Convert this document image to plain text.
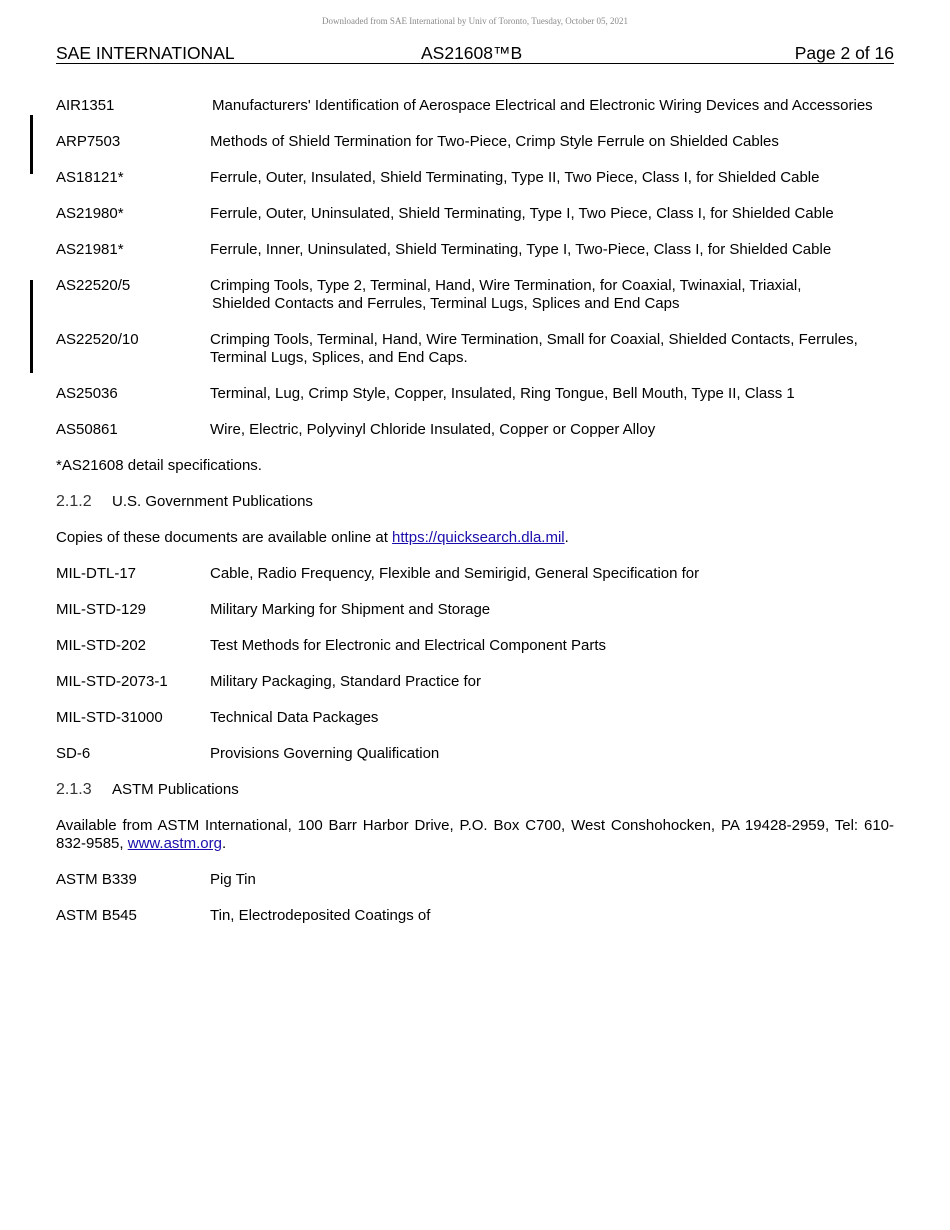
Downloaded from SAE International by Univ of Toronto, Tuesday, October 05, 2021
SAE INTERNATIONAL	AS21608™B	Page 2 of 16
AIR1351	Manufacturers' Identification of Aerospace Electrical and Electronic Wiring Devices and Accessories
ARP7503	Methods of Shield Termination for Two-Piece, Crimp Style Ferrule on Shielded Cables
AS18121*	Ferrule, Outer, Insulated, Shield Terminating, Type II, Two Piece, Class I, for Shielded Cable
AS21980*	Ferrule, Outer, Uninsulated, Shield Terminating, Type I, Two Piece, Class I, for Shielded Cable
AS21981*	Ferrule, Inner, Uninsulated, Shield Terminating, Type I, Two-Piece, Class I, for Shielded Cable
AS22520/5	Crimping Tools, Type 2, Terminal, Hand, Wire Termination, for Coaxial, Twinaxial, Triaxial,
Shielded Contacts and Ferrules, Terminal Lugs, Splices and End Caps
AS22520/10	Crimping Tools, Terminal, Hand, Wire Termination, Small for Coaxial, Shielded Contacts, Ferrules,
Terminal Lugs, Splices, and End Caps.
AS25036	Terminal, Lug, Crimp Style, Copper, Insulated, Ring Tongue, Bell Mouth, Type II, Class 1
AS50861	Wire, Electric, Polyvinyl Chloride Insulated, Copper or Copper Alloy
*AS21608 detail specifications.
2.1.2 U.S. Government Publications
Copies of these documents are available online at https://quicksearch.dla.mil.
MIL-DTL-17	Cable, Radio Frequency, Flexible and Semirigid, General Specification for
MIL-STD-129	Military Marking for Shipment and Storage
MIL-STD-202	Test Methods for Electronic and Electrical Component Parts
MIL-STD-2073-1	Military Packaging, Standard Practice for
MIL-STD-31000	Technical Data Packages
SD-6	Provisions Governing Qualification
2.1.3 ASTM Publications
Available from ASTM International, 100 Barr Harbor Drive, P.O. Box C700, West Conshohocken, PA 19428-2959, Tel: 610-832-9585, www.astm.org.
ASTM B339	Pig Tin
ASTM B545	Tin, Electrodeposited Coatings of
